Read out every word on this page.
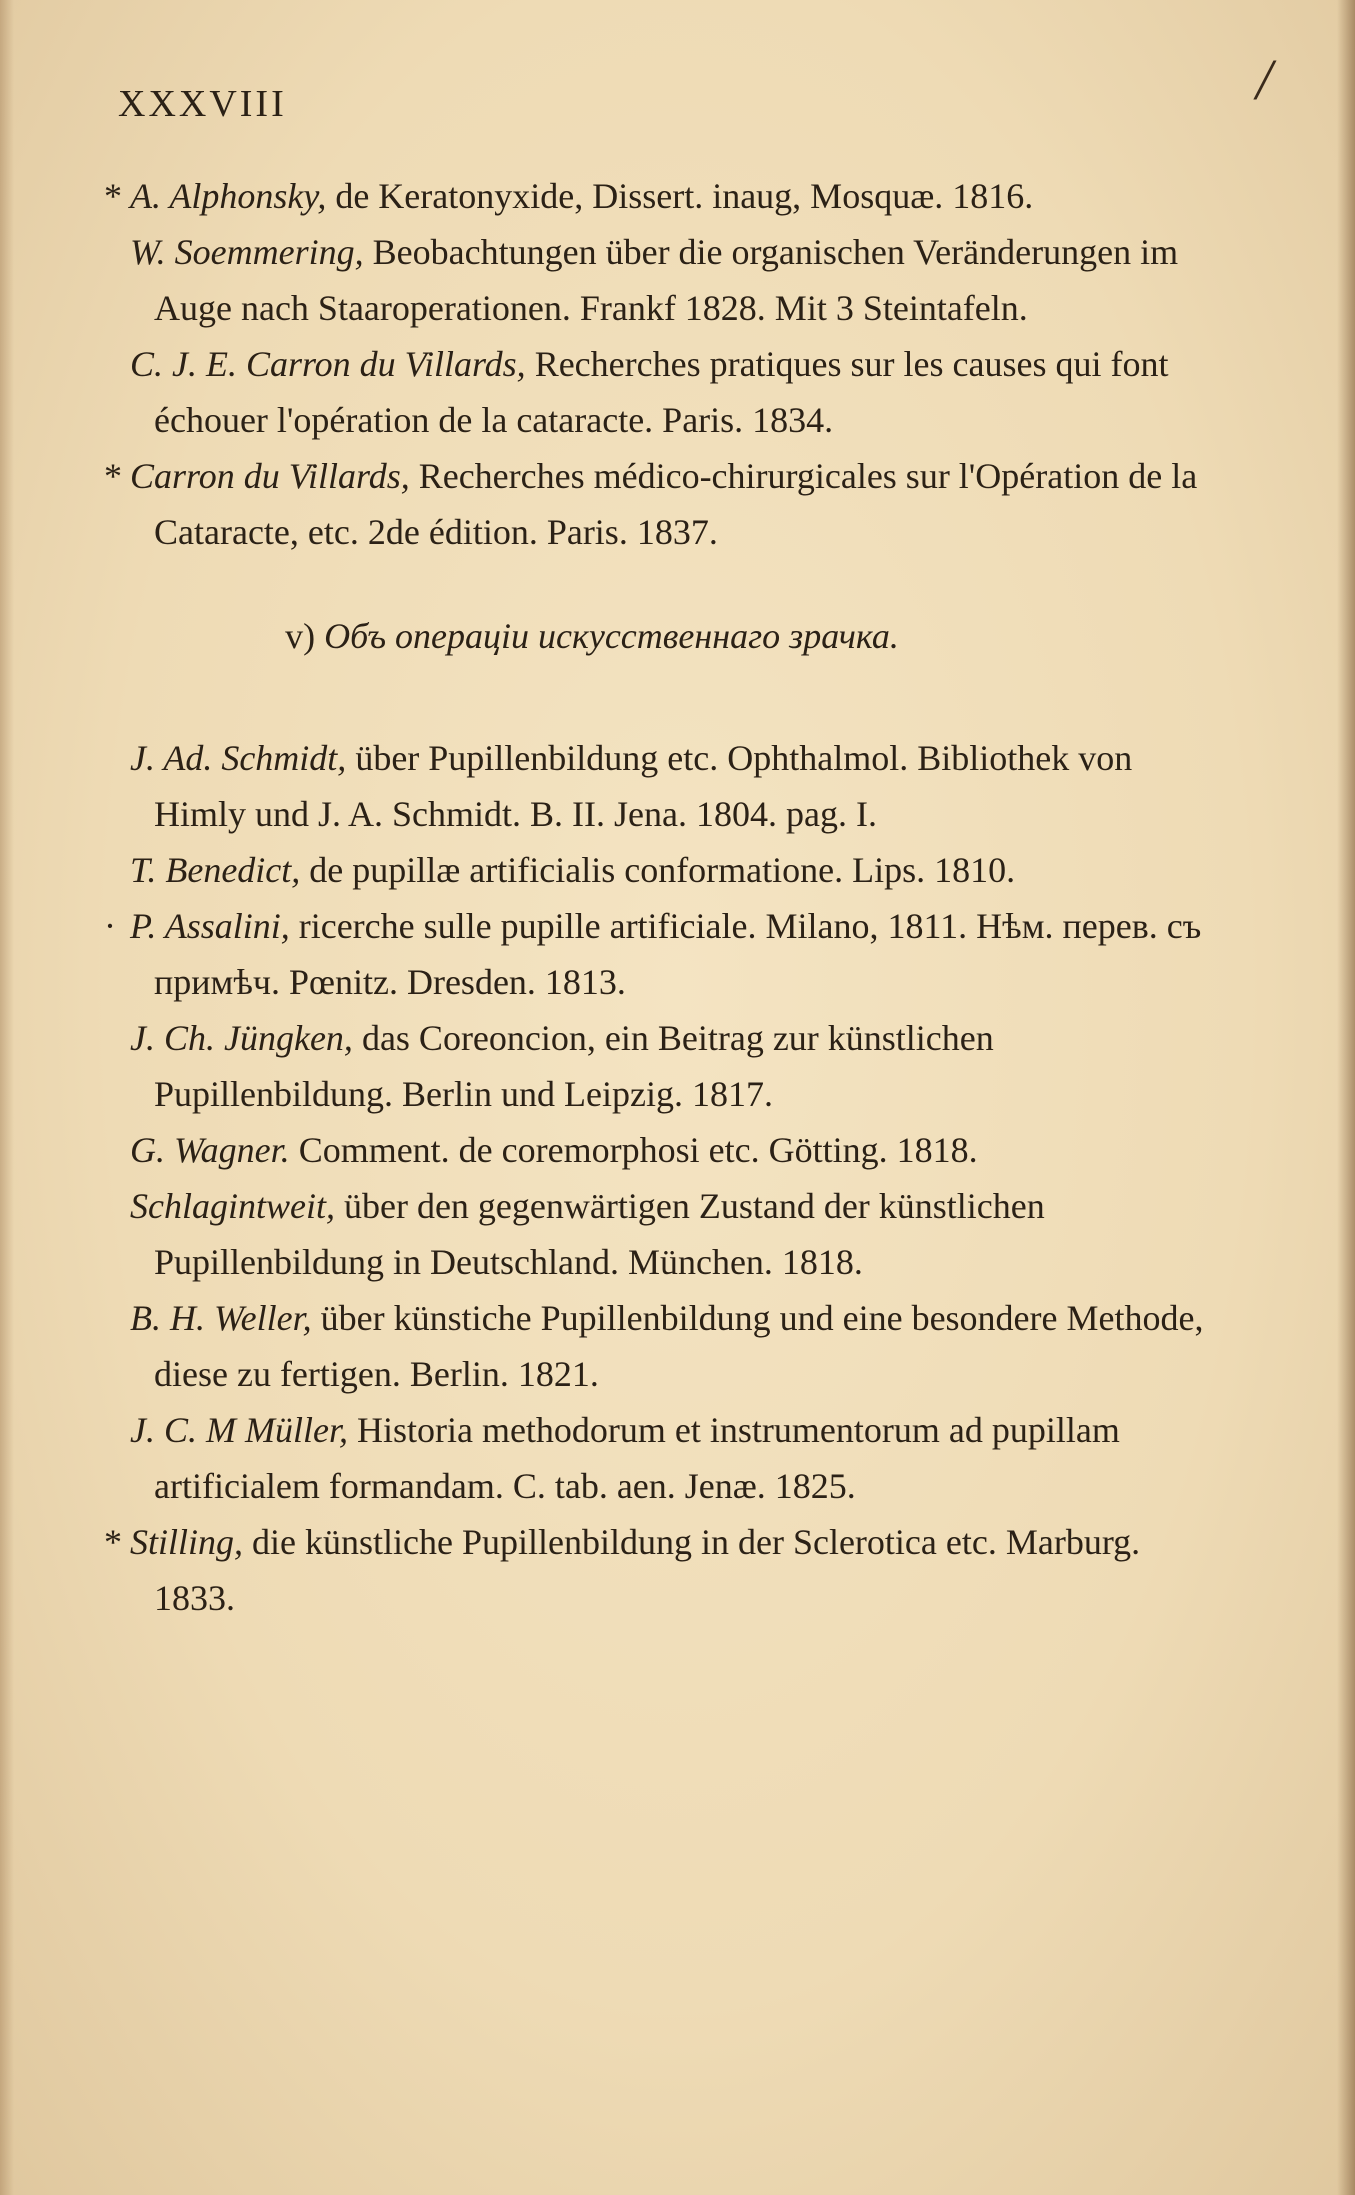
XXXVIII	/
* A. Alphonsky, de Keratonyxide, Dissert. inaug, Mosquæ. 1816.
W. Soemmering, Beobachtungen über die organischen Veränderungen im Auge nach Staaroperationen. Frankf 1828. Mit 3 Steintafeln.
C. J. E. Carron du Villards, Recherches pratiques sur les causes qui font échouer l'opération de la cataracte. Paris. 1834.
* Carron du Villards, Recherches médico-chirurgicales sur l'Opération de la Cataracte, etc. 2de édition. Paris. 1837.
v) Объ операціи искусственнаго зрачка.
J. Ad. Schmidt, über Pupillenbildung etc. Ophthalmol. Bibliothek von Himly und J. A. Schmidt. B. II. Jena. 1804. pag. I.
T. Benedict, de pupillæ artificialis conformatione. Lips. 1810.
· P. Assalini, ricerche sulle pupille artificiale. Milano, 1811. Нѣм. перев. съ примѣч. Pœnitz. Dresden. 1813.
J. Ch. Jüngken, das Coreoncion, ein Beitrag zur künstlichen Pupillenbildung. Berlin und Leipzig. 1817.
G. Wagner. Comment. de coremorphosi etc. Götting. 1818.
Schlagintweit, über den gegenwärtigen Zustand der künstlichen Pupillenbildung in Deutschland. München. 1818.
B. H. Weller, über künstiche Pupillenbildung und eine besondere Methode, diese zu fertigen. Berlin. 1821.
J. C. M Müller, Historia methodorum et instrumentorum ad pupillam artificialem formandam. C. tab. aen. Jenæ. 1825.
* Stilling, die künstliche Pupillenbildung in der Sclerotica etc. Marburg. 1833.
